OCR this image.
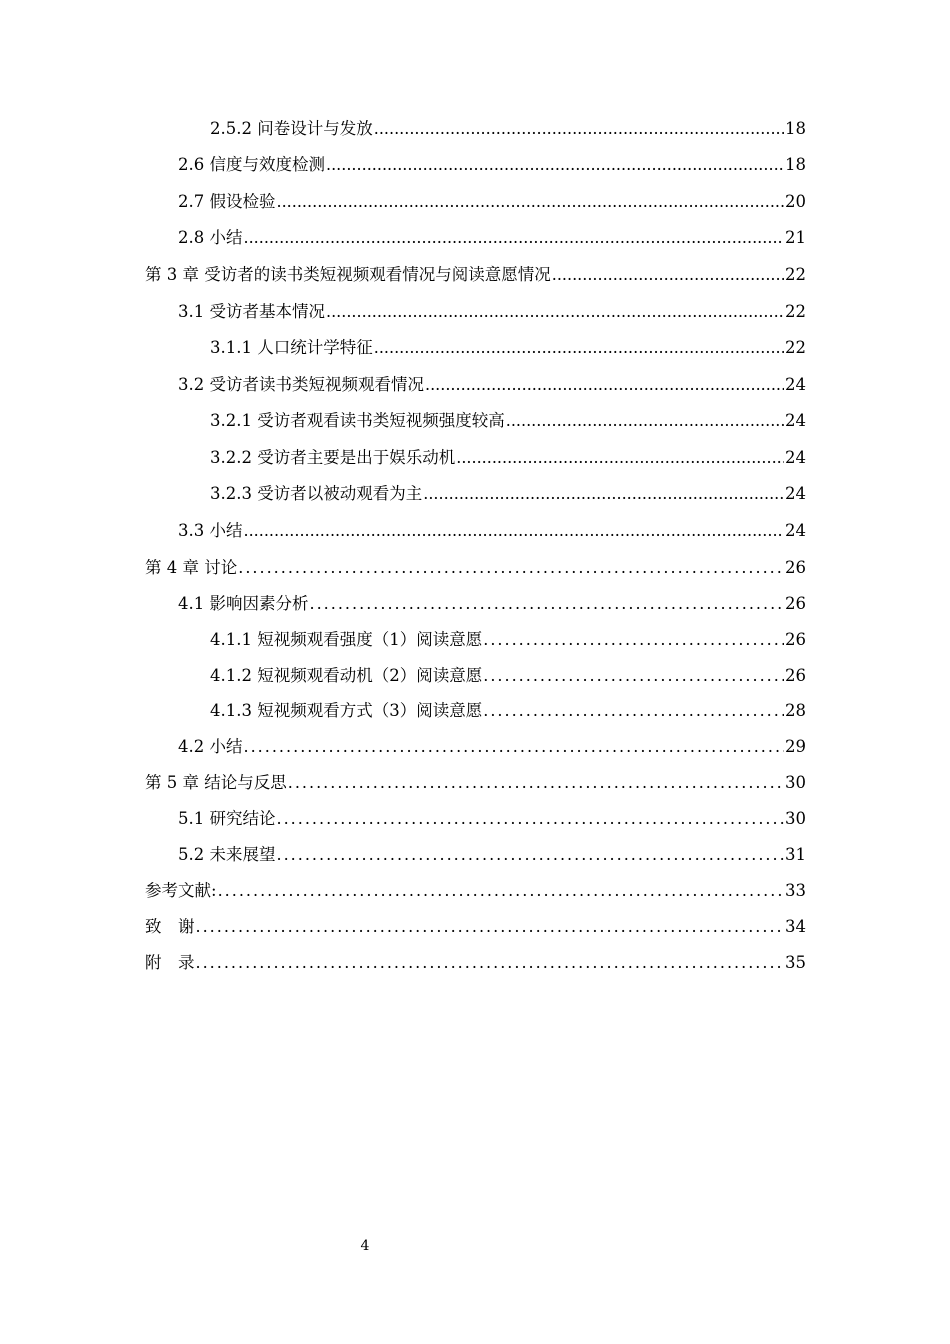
2.5.2 问卷设计与发放 .....	18
2.6 信度与效度检测 .....	18
2.7 假设检验 .....	20
2.8 小结 .....	21
第 3 章 受访者的读书类短视频观看情况与阅读意愿情况 .....	22
3.1 受访者基本情况 .....	22
3.1.1 人口统计学特征 .....	22
3.2 受访者读书类短视频观看情况 .....	24
3.2.1 受访者观看读书类短视频强度较高 .....	24
3.2.2 受访者主要是出于娱乐动机 .....	24
3.2.3 受访者以被动观看为主 .....	24
3.3 小结 .....	24
第 4 章 讨论 .....	26
4.1 影响因素分析 .....	26
4.1.1 短视频观看强度（1）阅读意愿 .....	26
4.1.2 短视频观看动机（2）阅读意愿 .....	26
4.1.3 短视频观看方式（3）阅读意愿 .....	28
4.2 小结 .....	29
第 5 章 结论与反思 .....	30
5.1 研究结论 .....	30
5.2 未来展望 .....	31
参考文献: .....	33
致　谢 .....	34
附　录 .....	35
4
